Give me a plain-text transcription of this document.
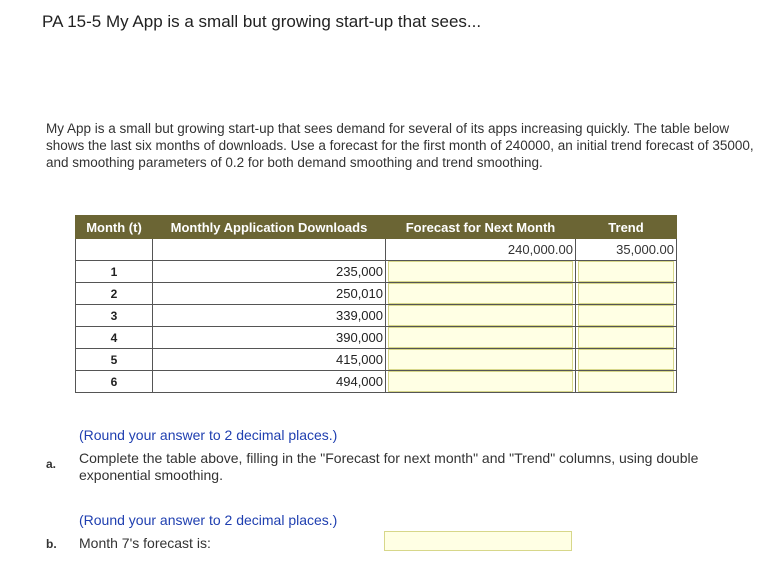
PA 15-5 My App is a small but growing start-up that sees...

My App is a small but growing start-up that sees demand for several of its apps increasing quickly. The table below shows the last six months of downloads. Use a forecast for the first month of 240000, an initial trend forecast of 35000, and smoothing parameters of 0.2 for both demand smoothing and trend smoothing.

Month (t)	Monthly Application Downloads	Forecast for Next Month	Trend
		240,000.00	35,000.00
1	235,000	

2	250,010	

3	339,000	

4	390,000	

5	415,000	

6	494,000	

(Round your answer to 2 decimal places.)
a. Complete the table above, filling in the "Forecast for next month" and "Trend" columns, using double exponential smoothing.
(Round your answer to 2 decimal places.)
b. Month 7's forecast is:
